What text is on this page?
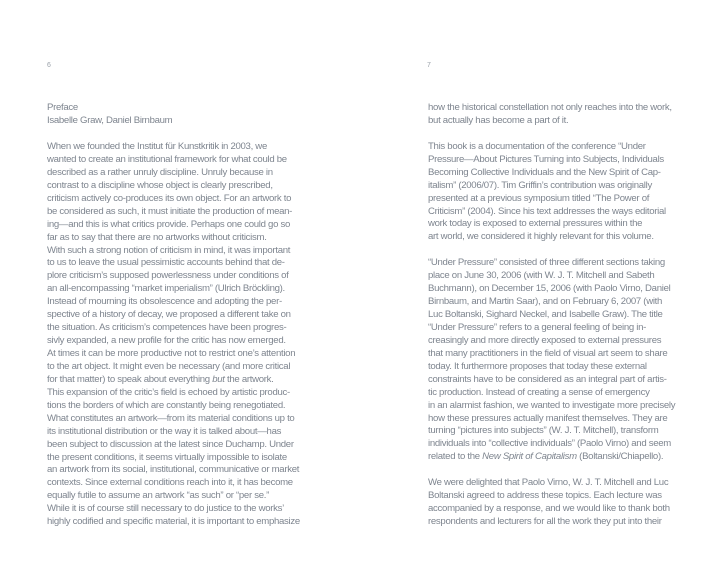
6
Preface
Isabelle Graw, Daniel Birnbaum
When we founded the Institut für Kunstkritik in 2003, we
wanted to create an institutional framework for what could be
described as a rather unruly discipline. Unruly because in
contrast to a discipline whose object is clearly prescribed,
criticism actively co-produces its own object. For an artwork to
be considered as such, it must initiate the production of mean-
ing—and this is what critics provide. Perhaps one could go so
far as to say that there are no artworks without criticism.
With such a strong notion of criticism in mind, it was important
to us to leave the usual pessimistic accounts behind that de-
plore criticism’s supposed powerlessness under conditions of
an all-encompassing “market imperialism” (Ulrich Bröckling).
Instead of mourning its obsolescence and adopting the per-
spective of a history of decay, we proposed a different take on
the situation. As criticism’s competences have been progres-
sivly expanded, a new profile for the critic has now emerged.
At times it can be more productive not to restrict one’s attention
to the art object. It might even be necessary (and more critical
for that matter) to speak about everything but the artwork.
This expansion of the critic’s field is echoed by artistic produc-
tions the borders of which are constantly being renegotiated.
What constitutes an artwork—from its material conditions up to
its institutional distribution or the way it is talked about—has
been subject to discussion at the latest since Duchamp. Under
the present conditions, it seems virtually impossible to isolate
an artwork from its social, institutional, communicative or market
contexts. Since external conditions reach into it, it has become
equally futile to assume an artwork “as such” or “per se.”
While it is of course still necessary to do justice to the works’
highly codified and specific material, it is important to emphasize
7
how the historical constellation not only reaches into the work,
but actually has become a part of it.

This book is a documentation of the conference “Under
Pressure—About Pictures Turning into Subjects, Individuals
Becoming Collective Individuals and the New Spirit of Cap-
italism” (2006/07). Tim Griffin’s contribution was originally
presented at a previous symposium titled “The Power of
Criticism” (2004). Since his text addresses the ways editorial
work today is exposed to external pressures within the
art world, we considered it highly relevant for this volume.

“Under Pressure” consisted of three different sections taking
place on June 30, 2006 (with W. J. T. Mitchell and Sabeth
Buchmann), on December 15, 2006 (with Paolo Virno, Daniel
Birnbaum, and Martin Saar), and on February 6, 2007 (with
Luc Boltanski, Sighard Neckel, and Isabelle Graw). The title
“Under Pressure” refers to a general feeling of being in-
creasingly and more directly exposed to external pressures
that many practitioners in the field of visual art seem to share
today. It furthermore proposes that today these external
constraints have to be considered as an integral part of artis-
tic production. Instead of creating a sense of emergency
in an alarmist fashion, we wanted to investigate more precisely
how these pressures actually manifest themselves. They are
turning “pictures into subjects” (W. J. T. Mitchell), transform
individuals into “collective individuals” (Paolo Virno) and seem
related to the New Spirit of Capitalism (Boltanski/Chiapello).

We were delighted that Paolo Virno, W. J. T. Mitchell and Luc
Boltanski agreed to address these topics. Each lecture was
accompanied by a response, and we would like to thank both
respondents and lecturers for all the work they put into their
